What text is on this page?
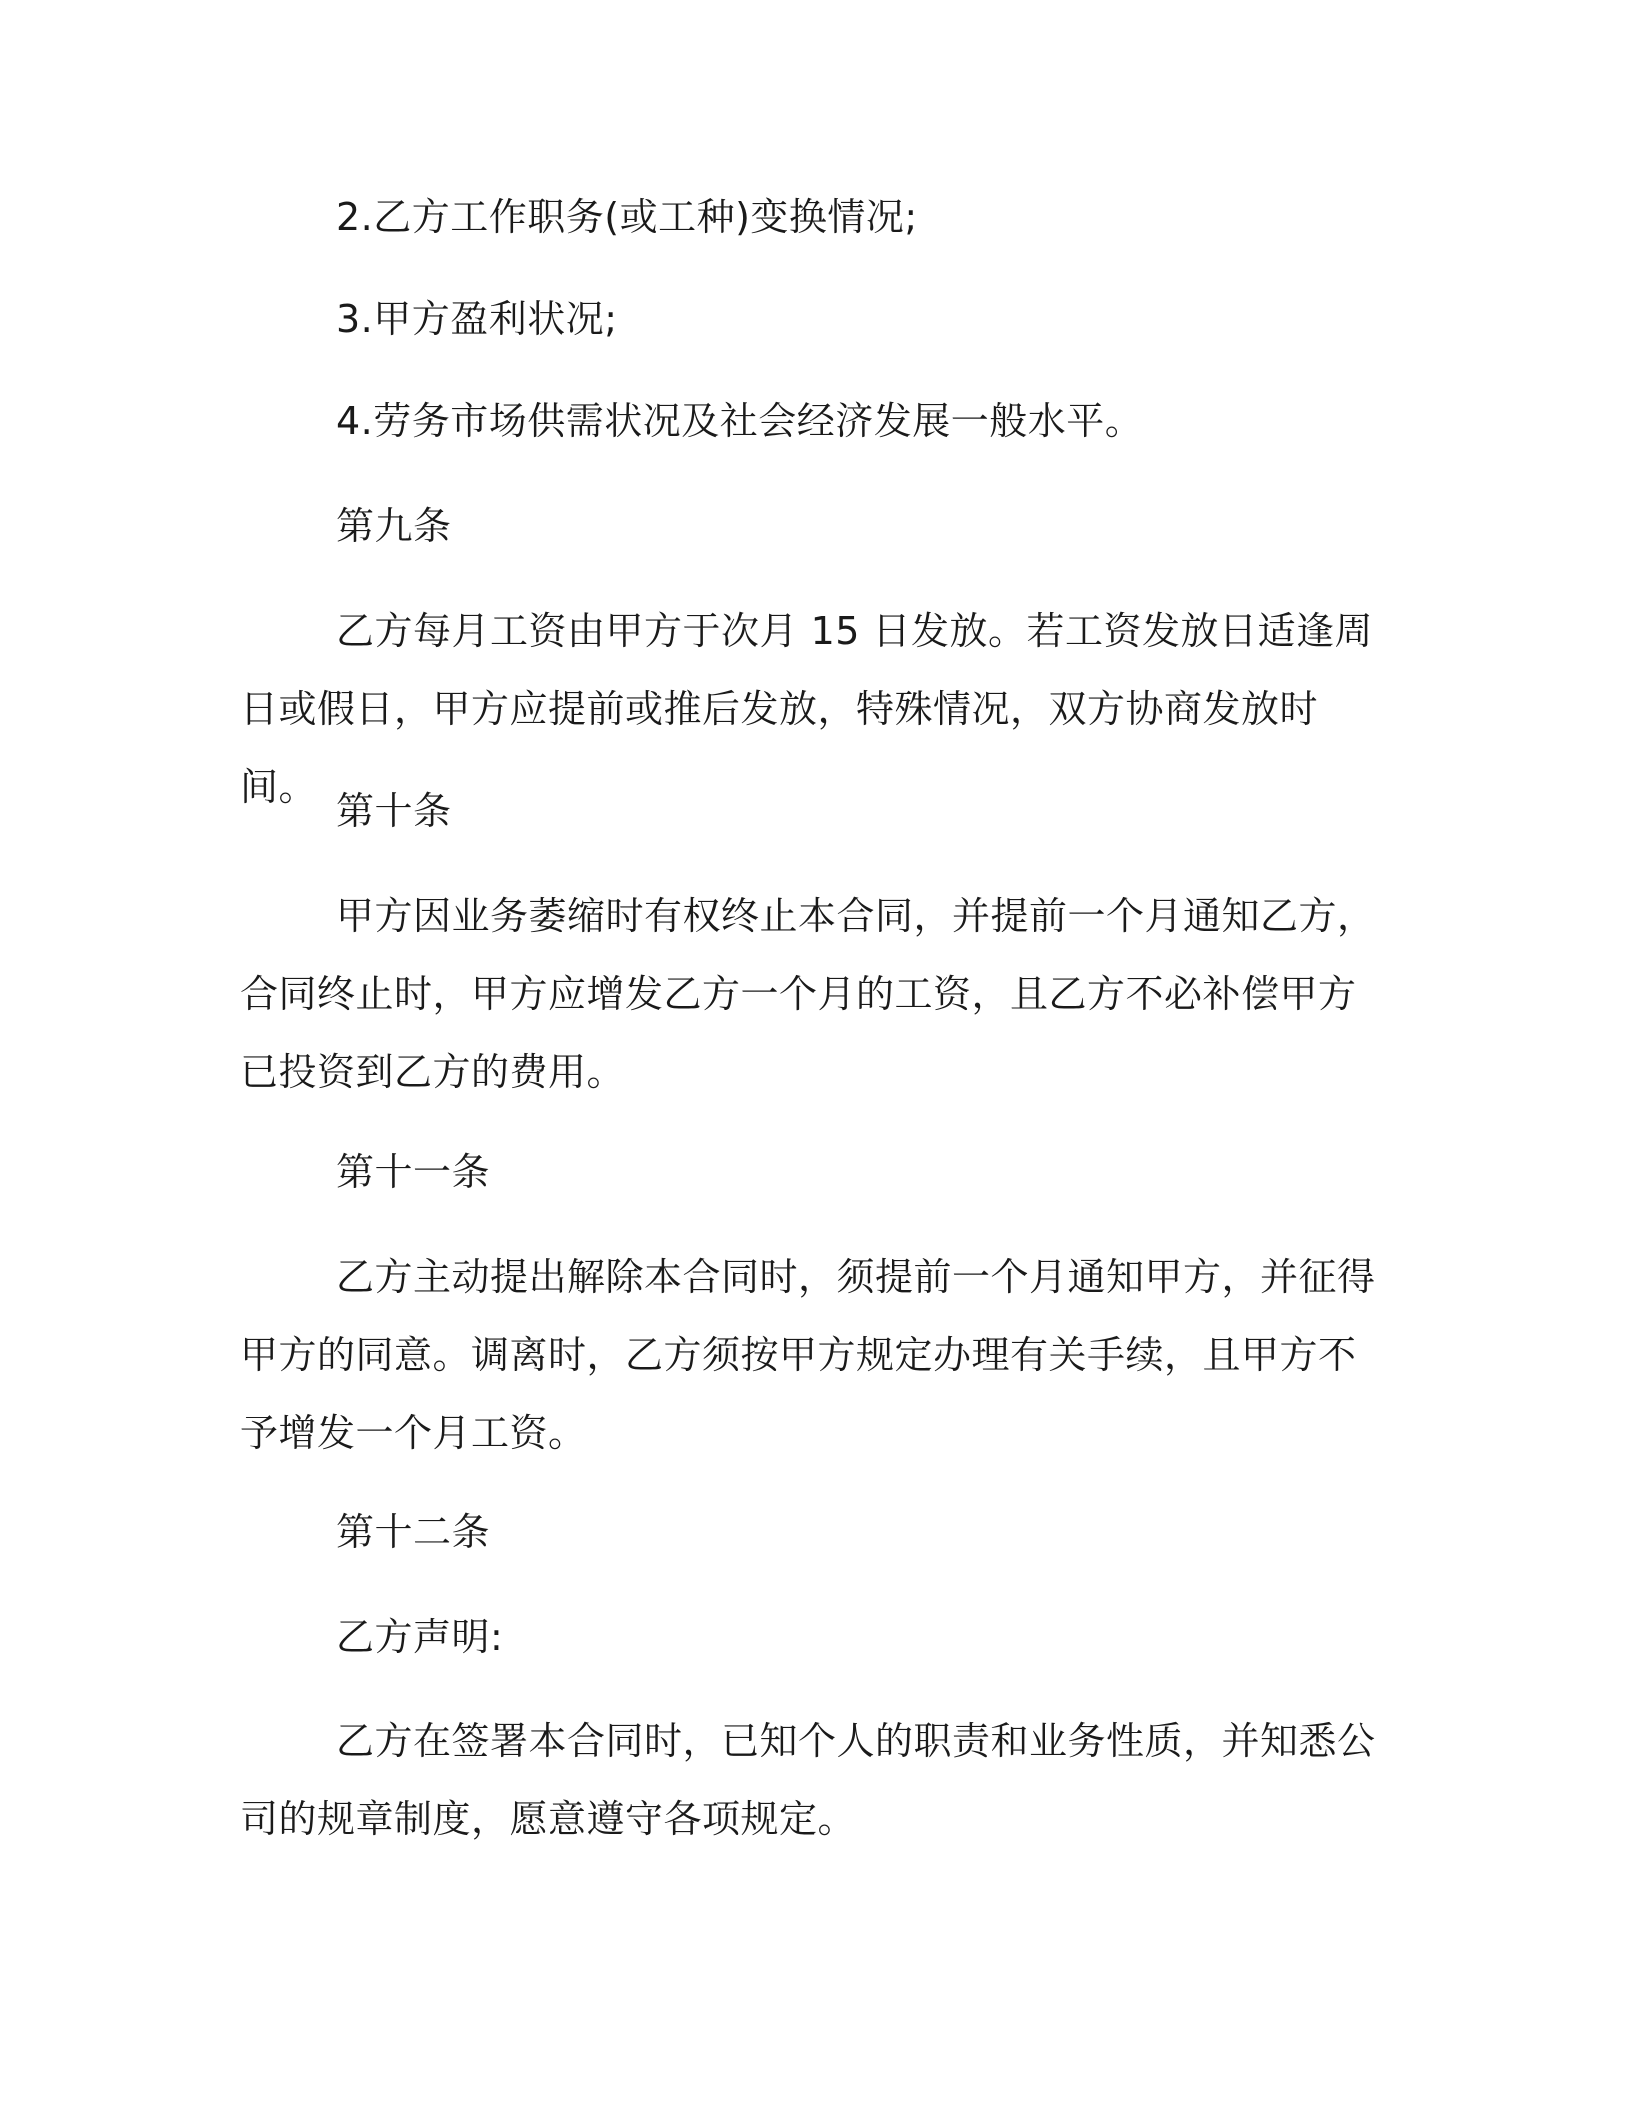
2.乙方工作职务(或工种)变换情况;

3.甲方盈利状况;

4.劳务市场供需状况及社会经济发展一般水平。

第九条

乙方每月工资由甲方于次月 15 日发放。若工资发放日适逢周日或假日，甲方应提前或推后发放，特殊情况，双方协商发放时间。

第十条

甲方因业务萎缩时有权终止本合同，并提前一个月通知乙方，合同终止时，甲方应增发乙方一个月的工资，且乙方不必补偿甲方已投资到乙方的费用。

第十一条

乙方主动提出解除本合同时，须提前一个月通知甲方，并征得甲方的同意。调离时，乙方须按甲方规定办理有关手续，且甲方不予增发一个月工资。

第十二条

乙方声明:

乙方在签署本合同时，已知个人的职责和业务性质，并知悉公司的规章制度，愿意遵守各项规定。
